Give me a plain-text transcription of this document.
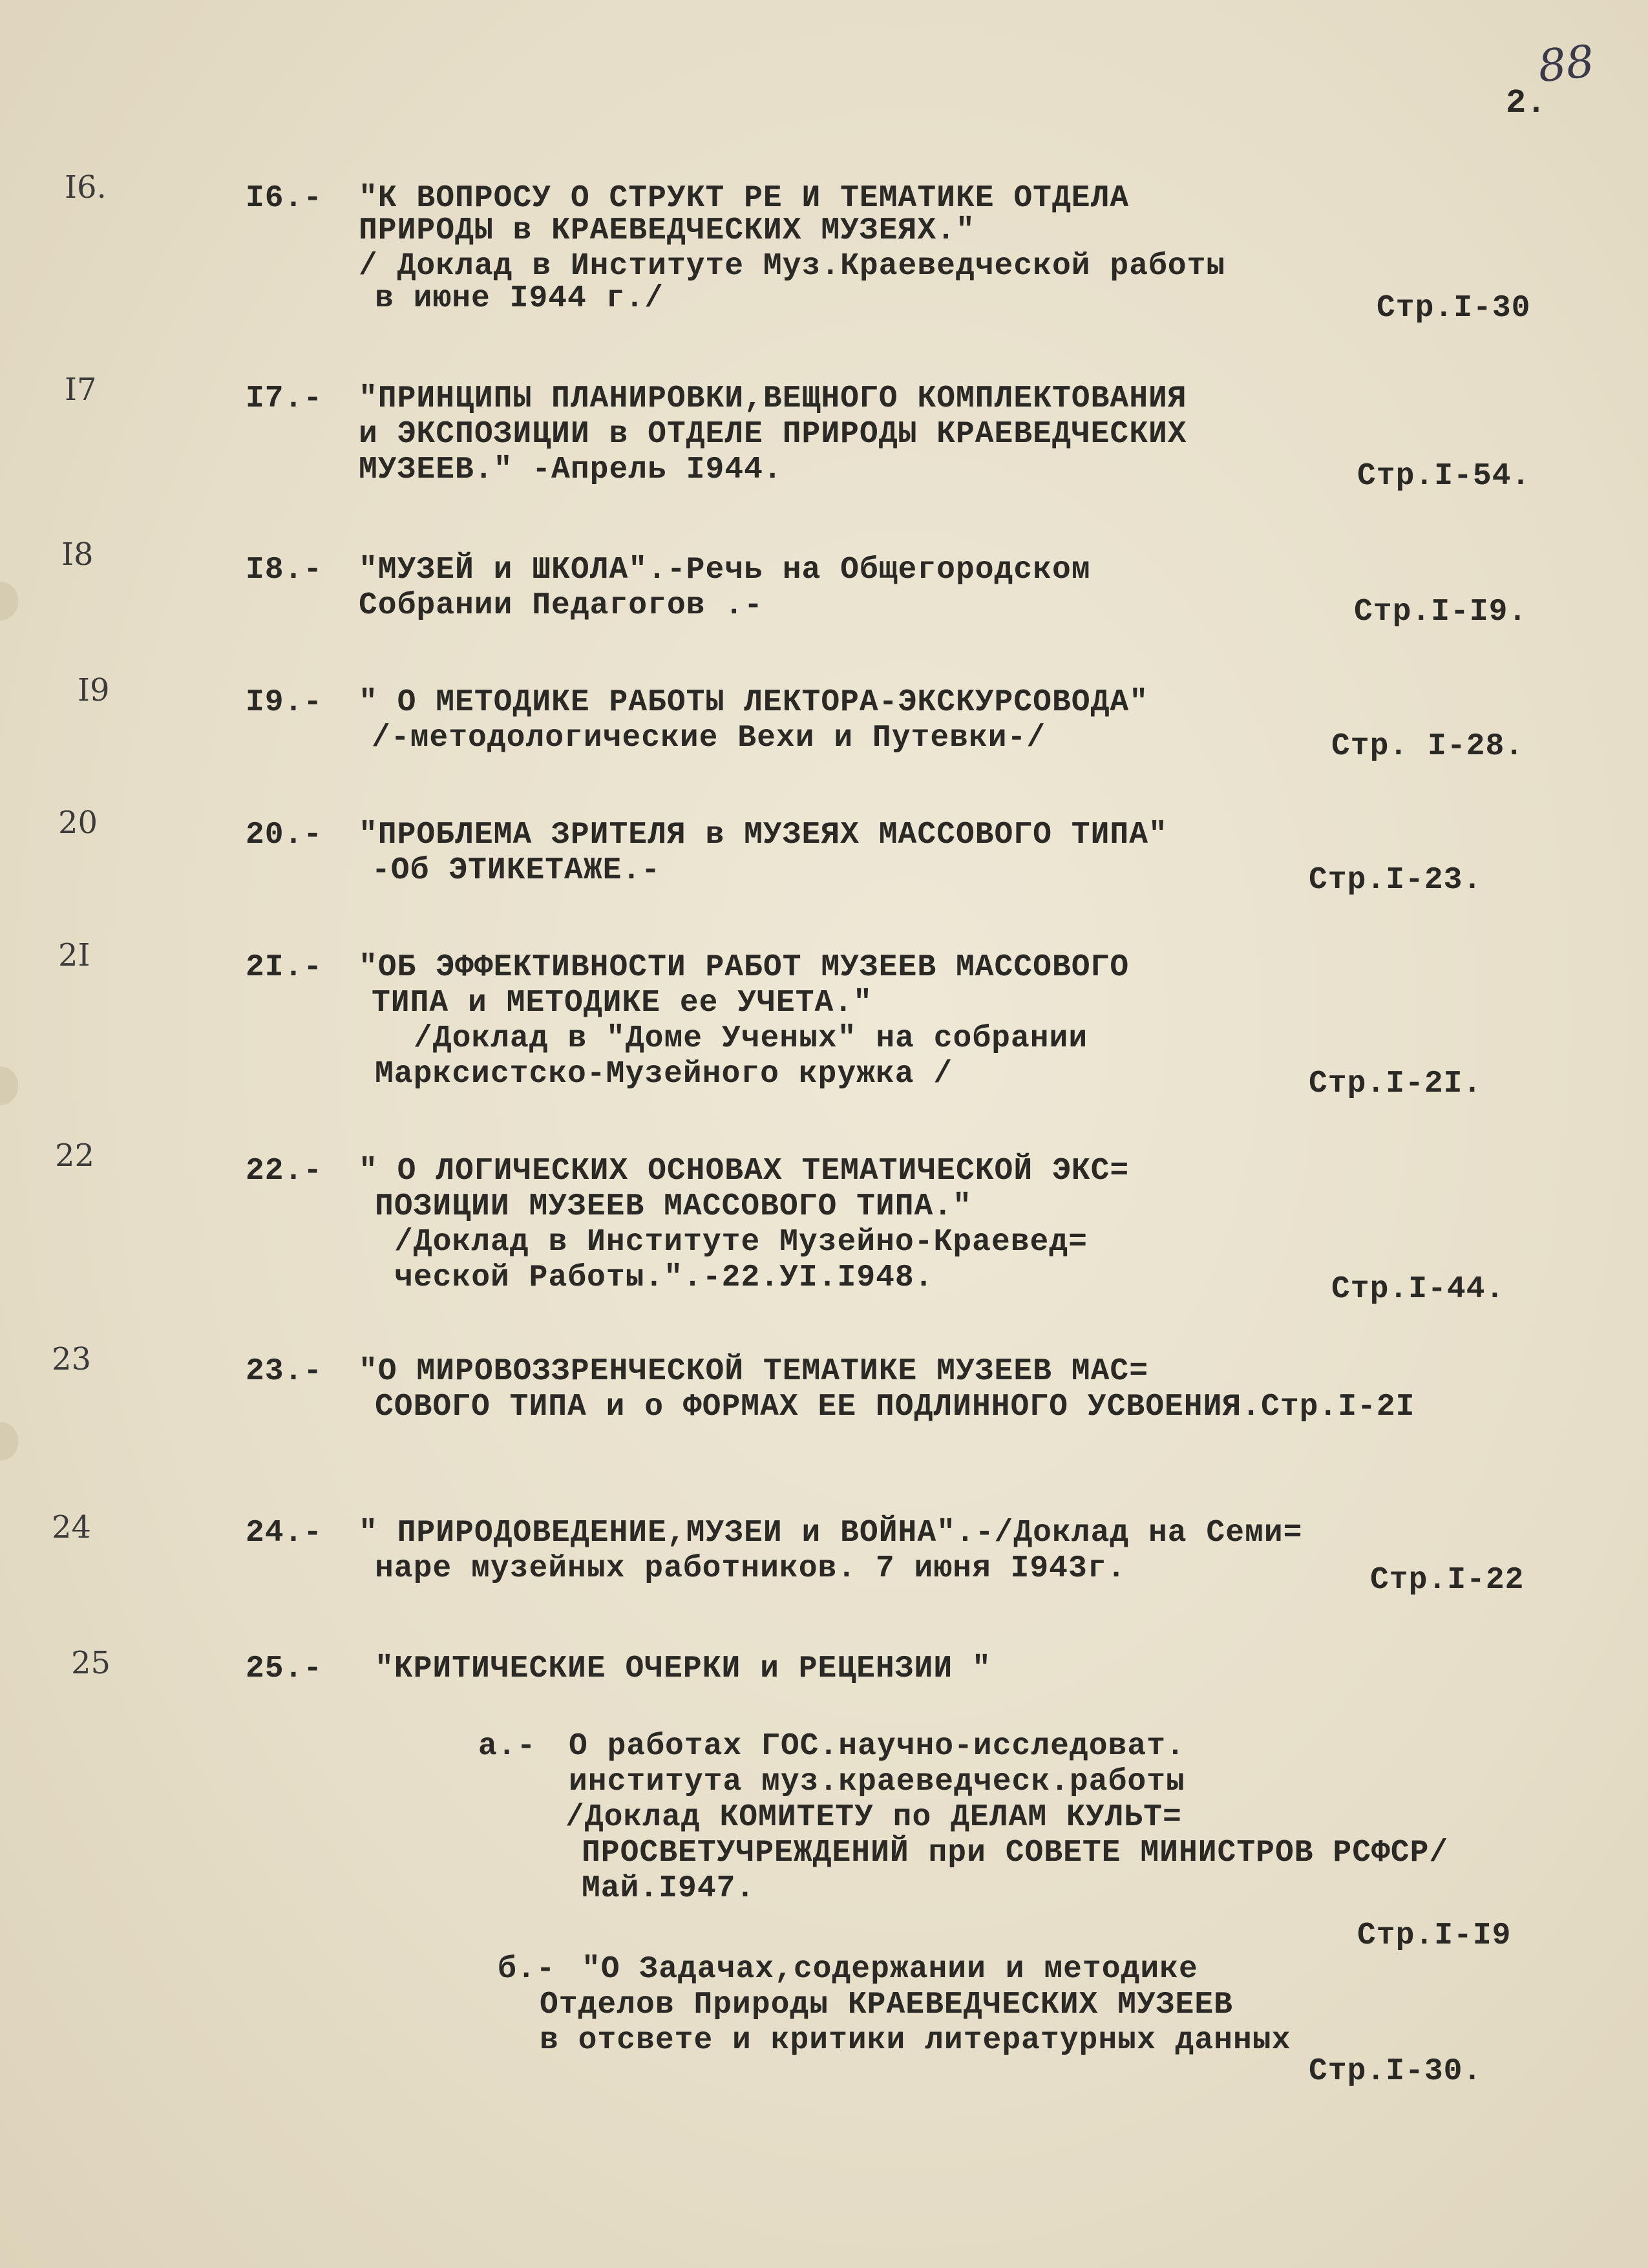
88
2.
I6.	I6.- "К ВОПРОСУ О СТРУКТ РЕ И ТЕМАТИКЕ ОТДЕЛА
ПРИРОДЫ в КРАЕВЕДЧЕСКИХ МУЗЕЯХ."
/ Доклад в Институте Муз.Краеведческой работы
в июне I944 г./	Стр.I-30
I7	I7.- "ПРИНЦИПЫ ПЛАНИРОВКИ,ВЕЩНОГО КОМПЛЕКТОВАНИЯ
и ЭКСПОЗИЦИИ в ОТДЕЛЕ ПРИРОДЫ КРАЕВЕДЧЕСКИХ
МУЗЕЕВ." -Апрель I944.	Стр.I-54.
I8	I8.- "МУЗЕЙ и ШКОЛА".-Речь на Общегородском
Собрании Педагогов .-	Стр.I-I9.
I9	I9.- " О МЕТОДИКЕ РАБОТЫ ЛЕКТОРА-ЭКСКУРСОВОДА"
/-методологические Вехи и Путевки-/	Стр. I-28.
20	20.- "ПРОБЛЕМА ЗРИТЕЛЯ в МУЗЕЯХ МАССОВОГО ТИПА"
-Об ЭТИКЕТАЖЕ.-	Стр.I-23.
2I	2I.- "ОБ ЭФФЕКТИВНОСТИ РАБОТ МУЗЕЕВ МАССОВОГО
ТИПА и МЕТОДИКЕ ее УЧЕТА."
/Доклад в "Доме Ученых" на собрании
Марксистско-Музейного кружка /	Стр.I-2I.
22	22.- " О ЛОГИЧЕСКИХ ОСНОВАХ ТЕМАТИЧЕСКОЙ ЭКС=
ПОЗИЦИИ МУЗЕЕВ МАССОВОГО ТИПА."
/Доклад в Институте Музейно-Краевед=
ческой Работы.".-22.УI.I948.	Стр.I-44.
23	23.- "О МИРОВОЗЗРЕНЧЕСКОЙ ТЕМАТИКЕ МУЗЕЕВ МАС=
СОВОГО ТИПА и о ФОРМАХ ЕЕ ПОДЛИННОГО УСВОЕНИЯ.Стр.I-2I
24	24.- " ПРИРОДОВЕДЕНИЕ,МУЗЕИ и ВОЙНА".-/Доклад на Семи=
наре музейных работников. 7 июня I943г.	Стр.I-22
25	25.- "КРИТИЧЕСКИЕ ОЧЕРКИ и РЕЦЕНЗИИ "
а.- О работах ГОС.научно-исследоват.
института муз.краеведческ.работы
/Доклад КОМИТЕТУ по ДЕЛАМ КУЛЬТ=
ПРОСВЕТУЧРЕЖДЕНИЙ при СОВЕТЕ МИНИСТРОВ РСФСР/
Май.I947.
Стр.I-I9
б.- "О Задачах,содержании и методике
Отделов Природы КРАЕВЕДЧЕСКИХ МУЗЕЕВ
в отсвете и критики литературных данных
Стр.I-30.
